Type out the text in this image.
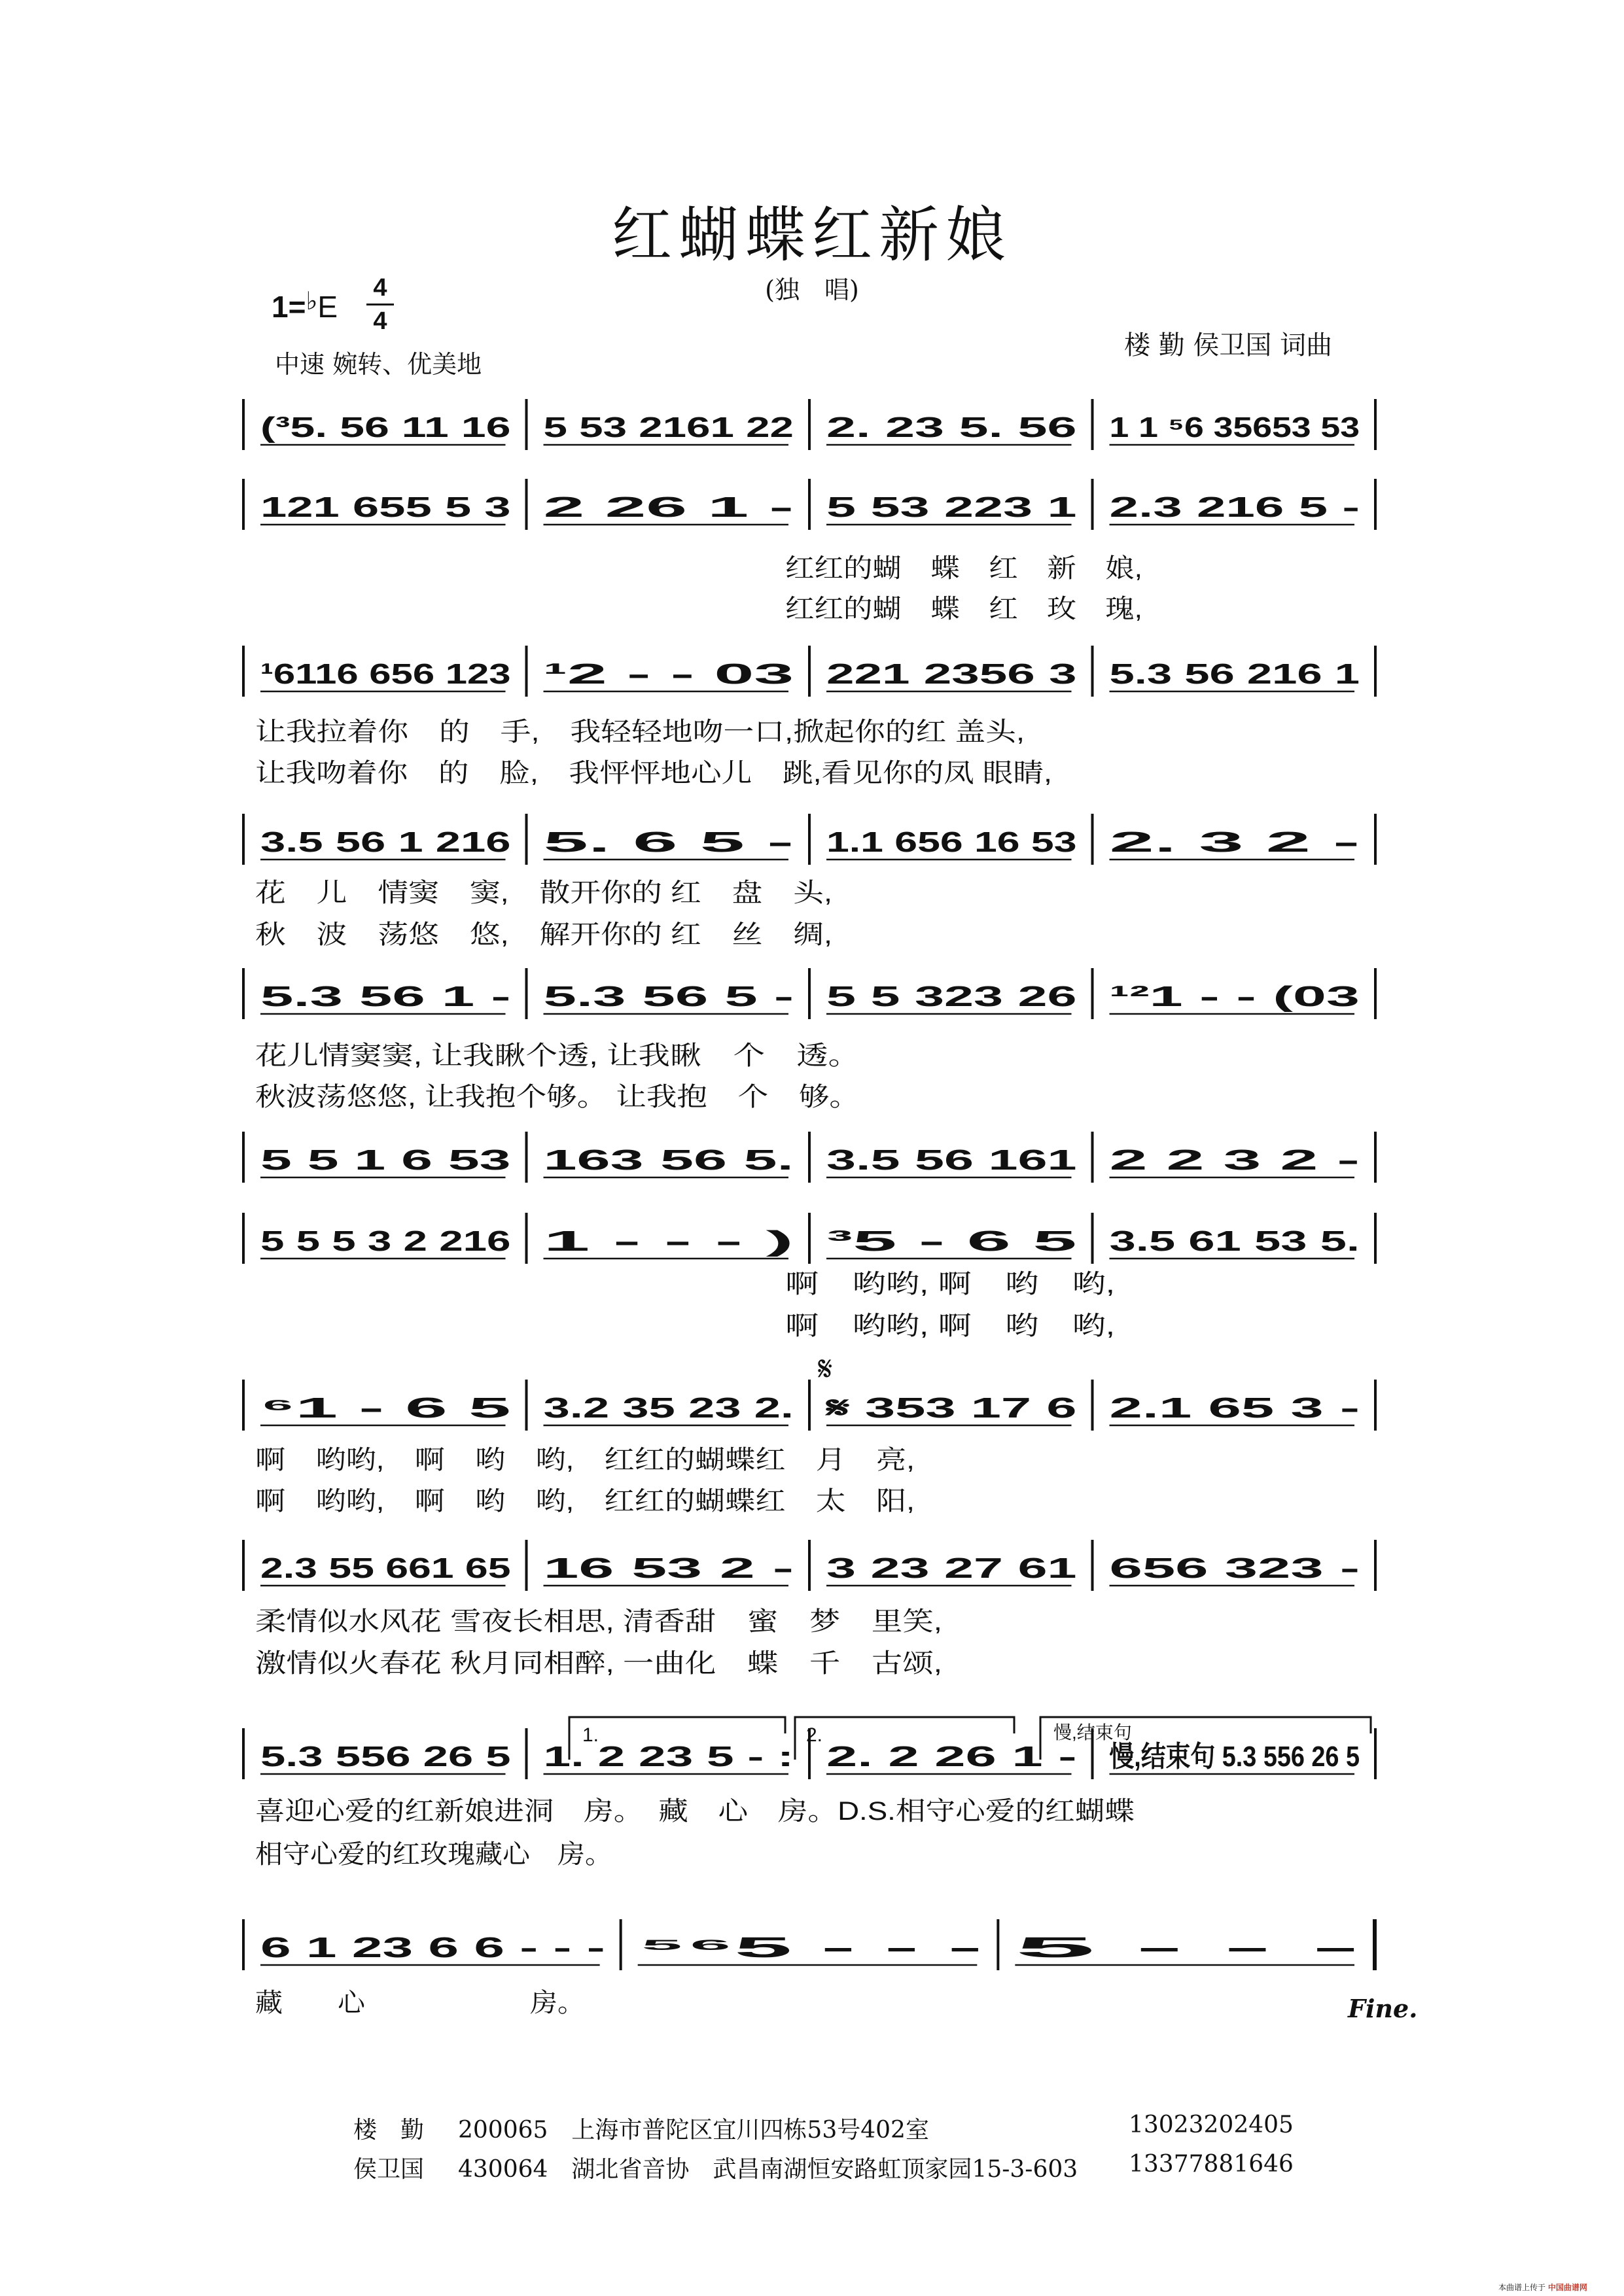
红蝴蝶红新娘
(独　唱)
1=♭E
4
4
中速 婉转、优美地
楼 勤 侯卫国 词曲
(³5. 56 11 16 5 53 2161 22 2. 23 5. 56 1 1 ⁵6 35653 53
121 655 5 3 2 26 1 - 5 53 223 1 2.3 216 5 -
红红的蝴　蝶　红　新　娘,
红红的蝴　蝶　红　玫　瑰,
¹6116 656 123 ¹2 - - 03 221 2356 3 5.3 56 216 1
让我拉着你　的　手,　我轻轻地吻一口,掀起你的红 盖头,
让我吻着你　的　脸,　我怦怦地心儿　跳,看见你的凤 眼睛,
3.5 56 1 216 5. 6 5 - 1.1 656 16 53 2. 3 2 -
花　儿　情窦　窦,　散开你的 红　盘　头,
秋　波　荡悠　悠,　解开你的 红　丝　绸,
5.3 56 1 - 5.3 56 5 - 5 5 323 26 ¹²1 - - (03
花儿情窦窦, 让我瞅个透, 让我瞅　个　透。
秋波荡悠悠, 让我抱个够。 让我抱　个　够。
5 5 1 6 53 163 56 5. 3.5 56 161 2 2 3 2 -
5 5 5 3 2 216 1 - - - ) ³5 - 6 5 3.5 61 53 5.
啊　哟哟, 啊　哟　哟,
啊　哟哟, 啊　哟　哟,
⁶1 - 6 5 3.2 35 23 2. 𝄋 353 17 6 2.1 65 3 -
啊　哟哟,　啊　哟　哟,　红红的蝴蝶红　月　亮,
啊　哟哟,　啊　哟　哟,　红红的蝴蝶红　太　阳,
2.3 55 661 65 16 53 2 - 3 23 27 61 656 323 -
柔情似水风花 雪夜长相思, 清香甜　蜜　梦　里笑,
激情似火春花 秋月同相醉, 一曲化　蝶　千　古颂,
5.3 556 26 5 1. 2 23 5 - : 2. 2 26 1 - 慢,结束句 5.3 556 26 5
喜迎心爱的红新娘进洞　房。　藏　心　房。D.S.相守心爱的红蝴蝶
相守心爱的红玫瑰藏心　房。
6 1 23 6 6 - - - ⁵⁶5 - - - 5 - - -
藏　　心　　　　　　房。
𝄋
1.	2.	慢,结束句
Fine.
楼　勤 200065　上海市普陀区宜川四栋53号402室	13023202405
侯卫国 430064　湖北省音协　武昌南湖恒安路虹顶家园15-3-603 13377881646
本曲谱上传于 中国曲谱网
